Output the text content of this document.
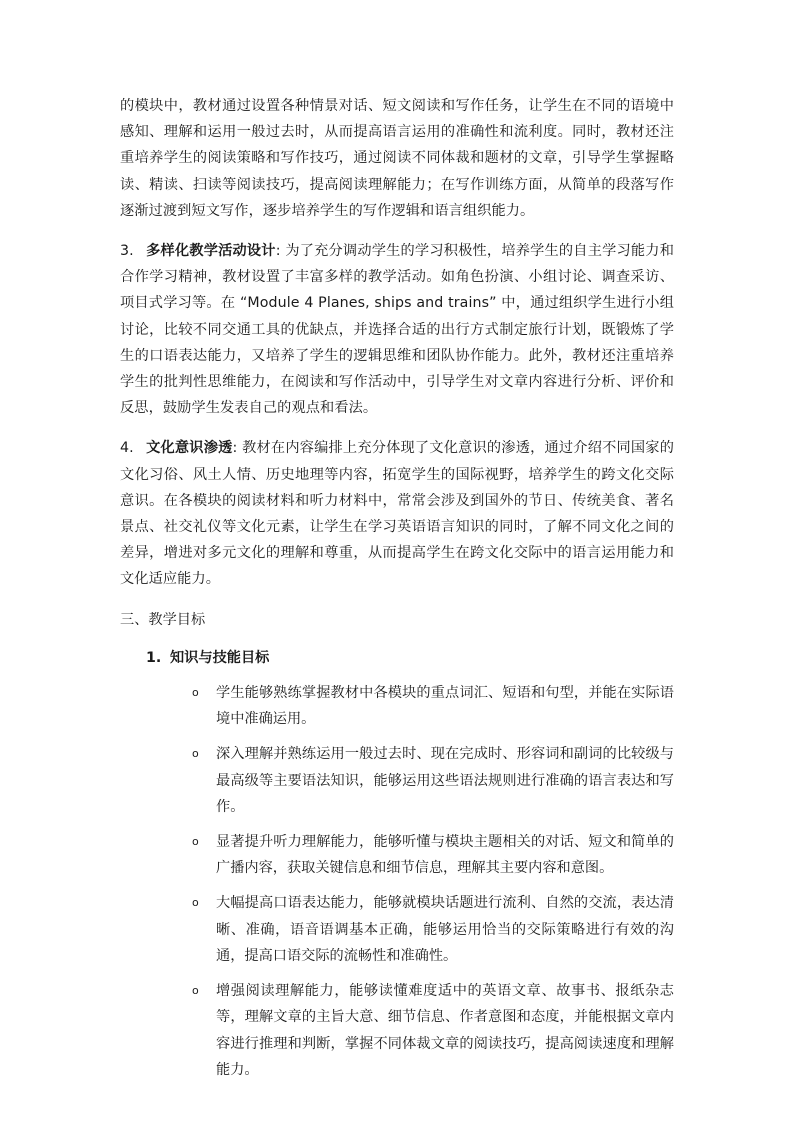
的模块中，教材通过设置各种情景对话、短文阅读和写作任务，让学生在不同的语境中感知、理解和运用一般过去时，从而提高语言运用的准确性和流利度。同时，教材还注重培养学生的阅读策略和写作技巧，通过阅读不同体裁和题材的文章，引导学生掌握略读、精读、扫读等阅读技巧，提高阅读理解能力；在写作训练方面，从简单的段落写作逐渐过渡到短文写作，逐步培养学生的写作逻辑和语言组织能力。

3. 多样化教学活动设计: 为了充分调动学生的学习积极性，培养学生的自主学习能力和合作学习精神，教材设置了丰富多样的教学活动。如角色扮演、小组讨论、调查采访、项目式学习等。在 “Module 4 Planes, ships and trains” 中，通过组织学生进行小组讨论，比较不同交通工具的优缺点，并选择合适的出行方式制定旅行计划，既锻炼了学生的口语表达能力，又培养了学生的逻辑思维和团队协作能力。此外，教材还注重培养学生的批判性思维能力，在阅读和写作活动中，引导学生对文章内容进行分析、评价和反思，鼓励学生发表自己的观点和看法。

4. 文化意识渗透: 教材在内容编排上充分体现了文化意识的渗透，通过介绍不同国家的文化习俗、风土人情、历史地理等内容，拓宽学生的国际视野，培养学生的跨文化交际意识。在各模块的阅读材料和听力材料中，常常会涉及到国外的节日、传统美食、著名景点、社交礼仪等文化元素，让学生在学习英语语言知识的同时，了解不同文化之间的差异，增进对多元文化的理解和尊重，从而提高学生在跨文化交际中的语言运用能力和文化适应能力。

三、教学目标
1. 知识与技能目标
o 学生能够熟练掌握教材中各模块的重点词汇、短语和句型，并能在实际语境中准确运用。
o 深入理解并熟练运用一般过去时、现在完成时、形容词和副词的比较级与最高级等主要语法知识，能够运用这些语法规则进行准确的语言表达和写作。
o 显著提升听力理解能力，能够听懂与模块主题相关的对话、短文和简单的广播内容，获取关键信息和细节信息，理解其主要内容和意图。
o 大幅提高口语表达能力，能够就模块话题进行流利、自然的交流，表达清晰、准确，语音语调基本正确，能够运用恰当的交际策略进行有效的沟通，提高口语交际的流畅性和准确性。
o 增强阅读理解能力，能够读懂难度适中的英语文章、故事书、报纸杂志等，理解文章的主旨大意、细节信息、作者意图和态度，并能根据文章内容进行推理和判断，掌握不同体裁文章的阅读技巧，提高阅读速度和理解能力。
